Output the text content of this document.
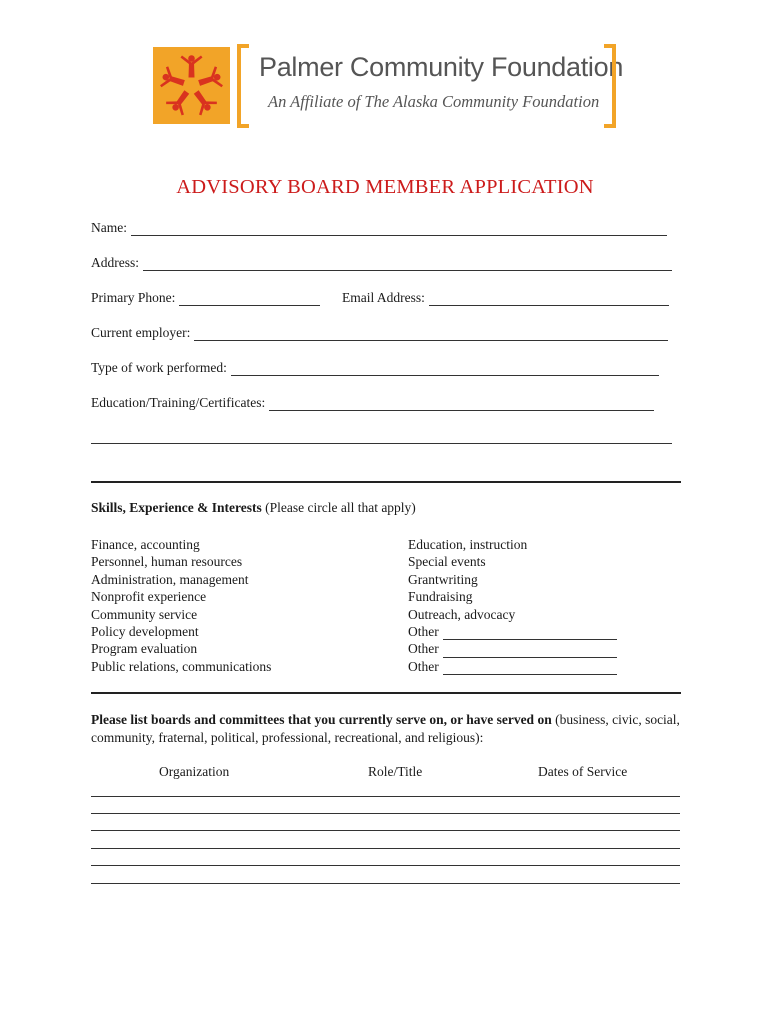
Palmer Community Foundation
An Affiliate of The Alaska Community Foundation
ADVISORY BOARD MEMBER APPLICATION
Name:
Address:
Primary Phone:	Email Address:
Current employer:
Type of work performed:
Education/Training/Certificates:
Skills, Experience & Interests (Please circle all that apply)
Finance, accounting
Personnel, human resources
Administration, management
Nonprofit experience
Community service
Policy development
Program evaluation
Public relations, communications
Education, instruction
Special events
Grantwriting
Fundraising
Outreach, advocacy
Other
Other
Other
Please list boards and committees that you currently serve on, or have served on (business, civic, social, community, fraternal, political, professional, recreational, and religious):
Organization	Role/Title	Dates of Service
